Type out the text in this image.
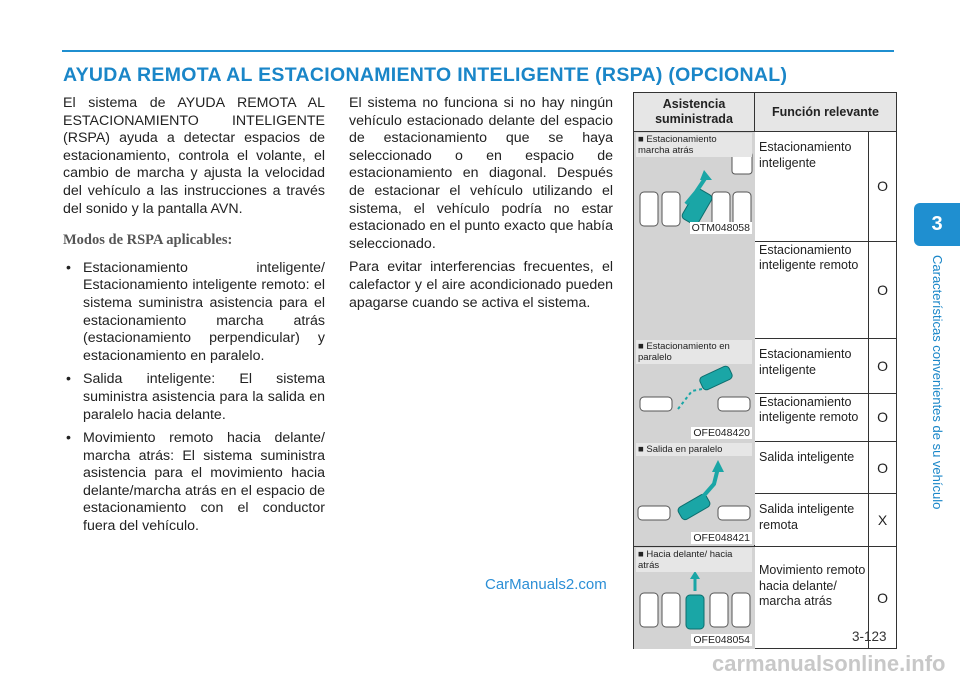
AYUDA REMOTA AL ESTACIONAMIENTO INTELIGENTE (RSPA) (OPCIONAL)

El sistema de AYUDA REMOTA AL ESTACIONAMIENTO INTELIGENTE (RSPA) ayuda a detectar espacios de estacionamiento, controla el volante, el cambio de marcha y ajusta la velocidad del vehículo a las instrucciones a través del sonido y la pantalla AVN.

Modos de RSPA aplicables:
• Estacionamiento inteligente/ Estacionamiento inteligente remoto: el sistema suministra asistencia para el estacionamiento marcha atrás (estacionamiento perpendicular) y estacionamiento en paralelo.
• Salida inteligente: El sistema suministra asistencia para la salida en paralelo hacia delante.
• Movimiento remoto hacia delante/ marcha atrás: El sistema suministra asistencia para el movimiento hacia delante/marcha atrás en el espacio de estacionamiento con el conductor fuera del vehículo.

El sistema no funciona si no hay ningún vehículo estacionado delante del espacio de estacionamiento que se haya seleccionado o en espacio de estacionamiento en diagonal. Después de estacionar el vehículo utilizando el sistema, el vehículo podría no estar estacionado en el punto exacto que había seleccionado.

Para evitar interferencias frecuentes, el calefactor y el aire acondicionado pueden apagarse cuando se activa el sistema.

Asistencia suministrada	Función relevante	

■ Estacionamiento marcha atrás
OTM048058	Estacionamiento inteligente	O
	Estacionamiento inteligente remoto	O

■ Estacionamiento en paralelo
OFE048420	Estacionamiento inteligente	O
	Estacionamiento inteligente remoto	O

■ Salida en paralelo
OFE048421	Salida inteligente	O
	Salida inteligente remota	X

■ Hacia delante/ hacia atrás
OFE048054	Movimiento remoto hacia delante/ marcha atrás	O
3
Características convenientes de su vehículo
3-123
CarManuals2.com
carmanualsonline.info
